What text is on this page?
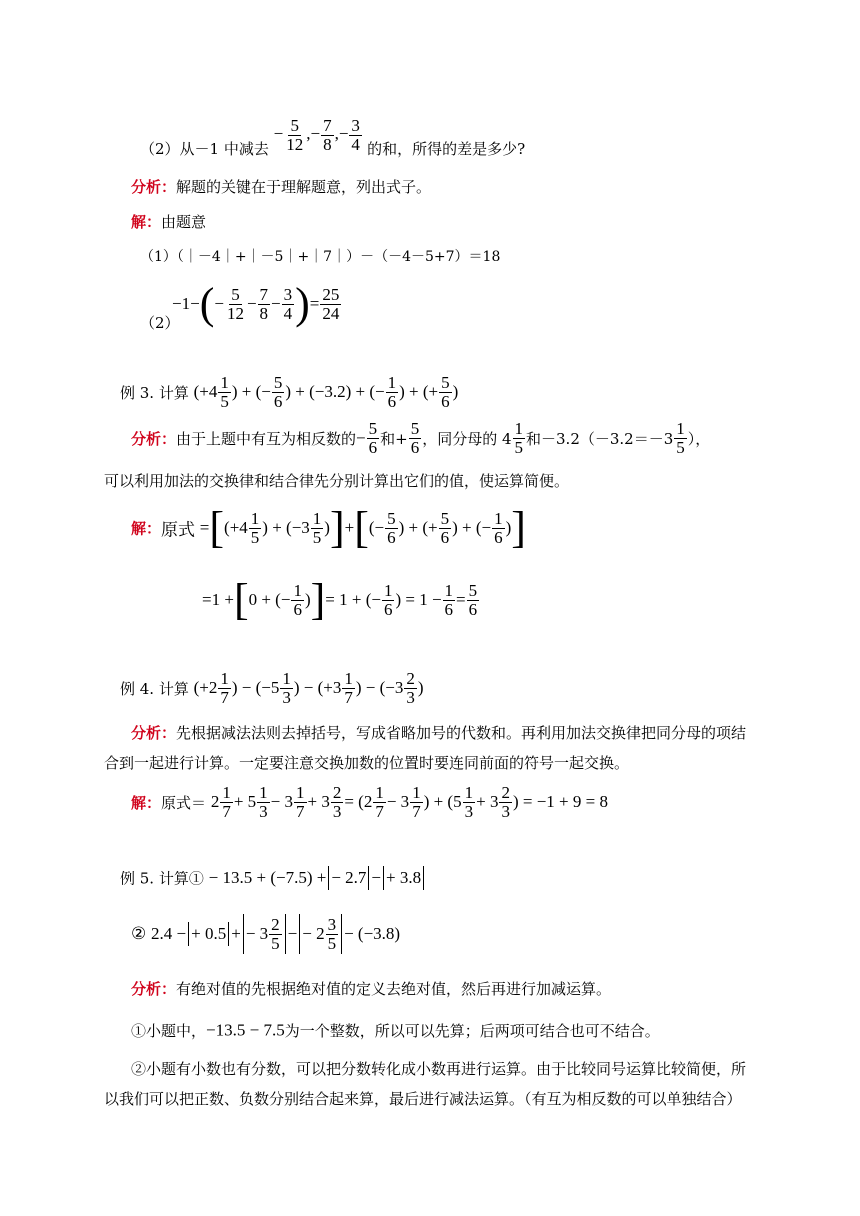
（2）从－1 中减去 − $\frac{5}{12}$ ,− $\frac{7}{8}$ ,− $\frac{3}{4}$ 的和，所得的差是多少?
分析：解题的关键在于理解题意，列出式子。
解：由题意
（1）（｜－4｜+｜－5｜+｜7｜）－（－4－5+7）＝18
（2）
$-1-(- \frac{5}{12} - \frac{7}{8} - \frac{3}{4}$ )= $\frac{25}{24}$
例 3. 计算 ($+4 \frac{1}{5}$ ) + (− $\frac{5}{6}$ ) + (−3.2) + (− $\frac{1}{6}$ ) + (+ $\frac{5}{6}$ )
分析：由于上题中有互为相反数的− $\frac{5}{6}$ 和+ $\frac{5}{6}$ ，同分母的 $4 \frac{1}{5}$ 和$-3.2(-3.2=-3 \frac{1}{5}$ ），
可以利用加法的交换律和结合律先分别计算出它们的值，使运算简便。
解：原式 $=[(+4 \frac{1}{5}$ ) + ($-3 \frac{1}{5}$ )]+[(− $\frac{5}{6}$ ) + (+ $\frac{5}{6}$ ) + (− $\frac{1}{6}$ )]
=1 +[0 + (− $\frac{1}{6}$ )]= 1 + (− $\frac{1}{6}$ ) = $1 - \frac{1}{6} = \frac{5}{6}$
例 4. 计算 ($+2 \frac{1}{7}$ ) − ($-5 \frac{1}{3}$ ) − ($+3 \frac{1}{7}$ ) − ($-3 \frac{2}{3}$ )
分析：先根据减法法则去掉括号，写成省略加号的代数和。再利用加法交换律把同分母的项结合到一起进行计算。一定要注意交换加数的位置时要连同前面的符号一起交换。
解：原式＝ $2 \frac{1}{7} + 5 \frac{1}{3} - 3 \frac{1}{7} + 3 \frac{2}{3} = (2 \frac{1}{7} - 3 \frac{1}{7}$ ) + ($5 \frac{1}{3} + 3 \frac{2}{3}$ ) = −1 + 9 = 8
例 5. 计算① − 13.5 + (−7.5) + − 2.7 − + 3.8
② 2.4 − + 0.5 + − $3 \frac{2}{5}$ − − $2 \frac{3}{5} - (-3.8)$
分析：有绝对值的先根据绝对值的定义去绝对值，然后再进行加减运算。
①小题中，−13.5 − 7.5为一个整数，所以可以先算；后两项可结合也可不结合。
②小题有小数也有分数，可以把分数转化成小数再进行运算。由于比较同号运算比较简便，所以我们可以把正数、负数分别结合起来算，最后进行减法运算。（有互为相反数的可以单独结合）
